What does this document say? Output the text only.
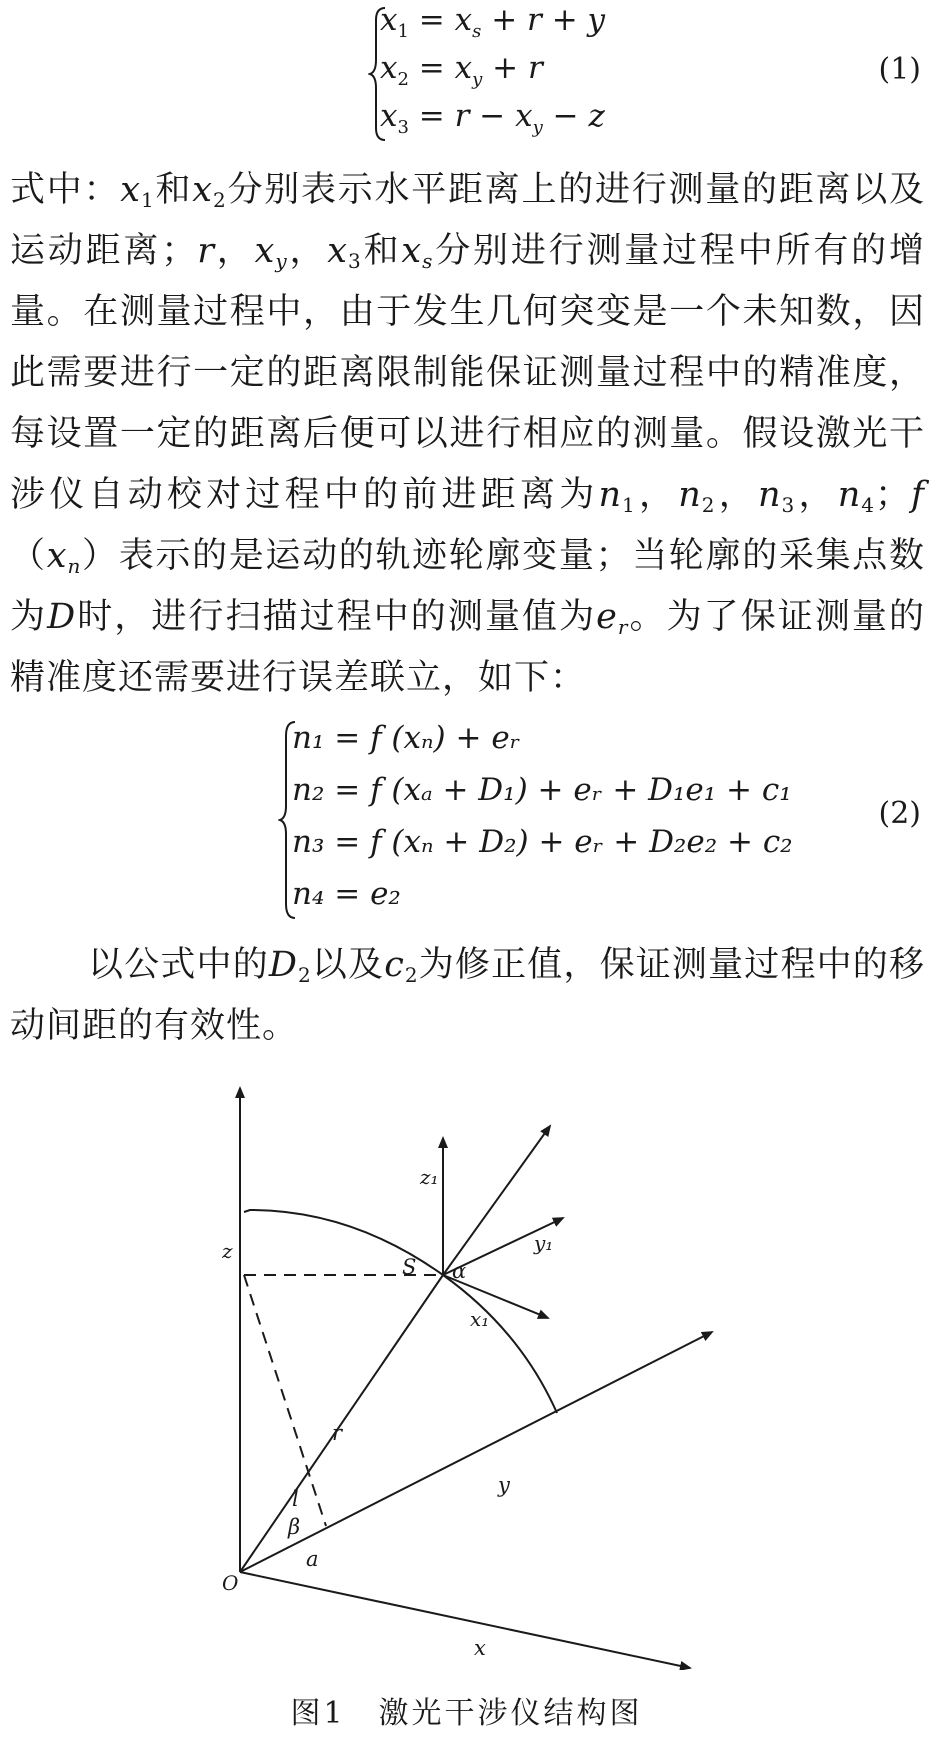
$x_1 = x_s + r + y$
$x_2 = x_y + r$
$x_3 = r - x_y - z$
(1)
式中：$x_1$和$x_2$分别表示水平距离上的进行测量的距离以及运动距离；r，$x_y$，$x_3$和$x_s$分别进行测量过程中所有的增量。在测量过程中，由于发生几何突变是一个未知数，因此需要进行一定的距离限制能保证测量过程中的精准度，每设置一定的距离后便可以进行相应的测量。假设激光干涉仪自动校对过程中的前进距离为$n_1$，$n_2$，$n_3$，$n_4$；$f(x_n)$表示的是运动的轨迹轮廓变量；当轮廓的采集点数为D时，进行扫描过程中的测量值为$e_r$。为了保证测量的精准度还需要进行误差联立，如下：
n₁ = f (xₙ) + eᵣ
n₂ = f (xₐ + D₁) + eᵣ + D₁e₁ + c₁
n₃ = f (xₙ + D₂) + eᵣ + D₂e₂ + c₂
n₄ = e₂
(2)
以公式中的$D_2$以及$c_2$为修正值，保证测量过程中的移动间距的有效性。
z
z₁
y₁
S α
x₁
r
l
y
β
a
O
x
图1　激光干涉仪结构图
